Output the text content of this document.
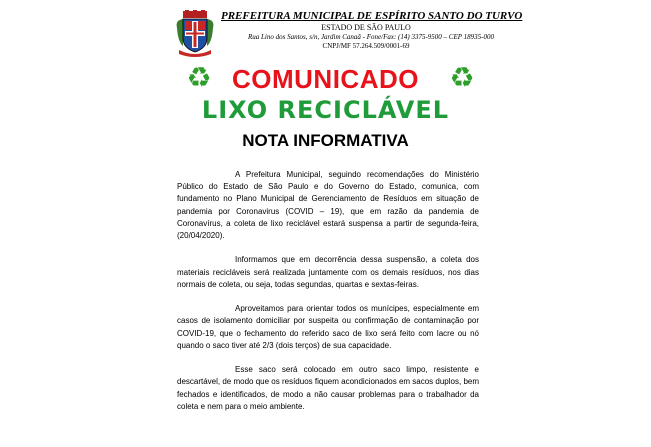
PREFEITURA MUNICIPAL DE ESPÍRITO SANTO DO TURVO
ESTADO DE SÃO PAULO
Rua Lino dos Santos, s/n, Jardim Canaã - Fone/Fax: (14) 3375-9500 – CEP 18935-000
CNPJ/MF 57.264.509/0001-69
♻ COMUNICADO	♻
LIXO RECICLÁVEL
NOTA INFORMATIVA

A Prefeitura Municipal, seguindo recomendações do Ministério Público do Estado de São Paulo e do Governo do Estado, comunica, com fundamento no Plano Municipal de Gerenciamento de Resíduos em situação de pandemia por Coronavirus (COVID – 19), que em razão da pandemia de Coronavírus, a coleta de lixo reciclável estará suspensa a partir de segunda-feira, (20/04/2020).

Informamos que em decorrência dessa suspensão, a coleta dos materiais recicláveis será realizada juntamente com os demais resíduos, nos dias normais de coleta, ou seja, todas segundas, quartas e sextas-feiras.

Aproveitamos para orientar todos os munícipes, especialmente em casos de isolamento domiciliar por suspeita ou confirmação de contaminação por COVID-19, que o fechamento do referido saco de lixo será feito com lacre ou nó quando o saco tiver até 2/3 (dois terços) de sua capacidade.

Esse saco será colocado em outro saco limpo, resistente e descartável, de modo que os resíduos fiquem acondicionados em sacos duplos, bem fechados e identificados, de modo a não causar problemas para o trabalhador da coleta e nem para o meio ambiente.
